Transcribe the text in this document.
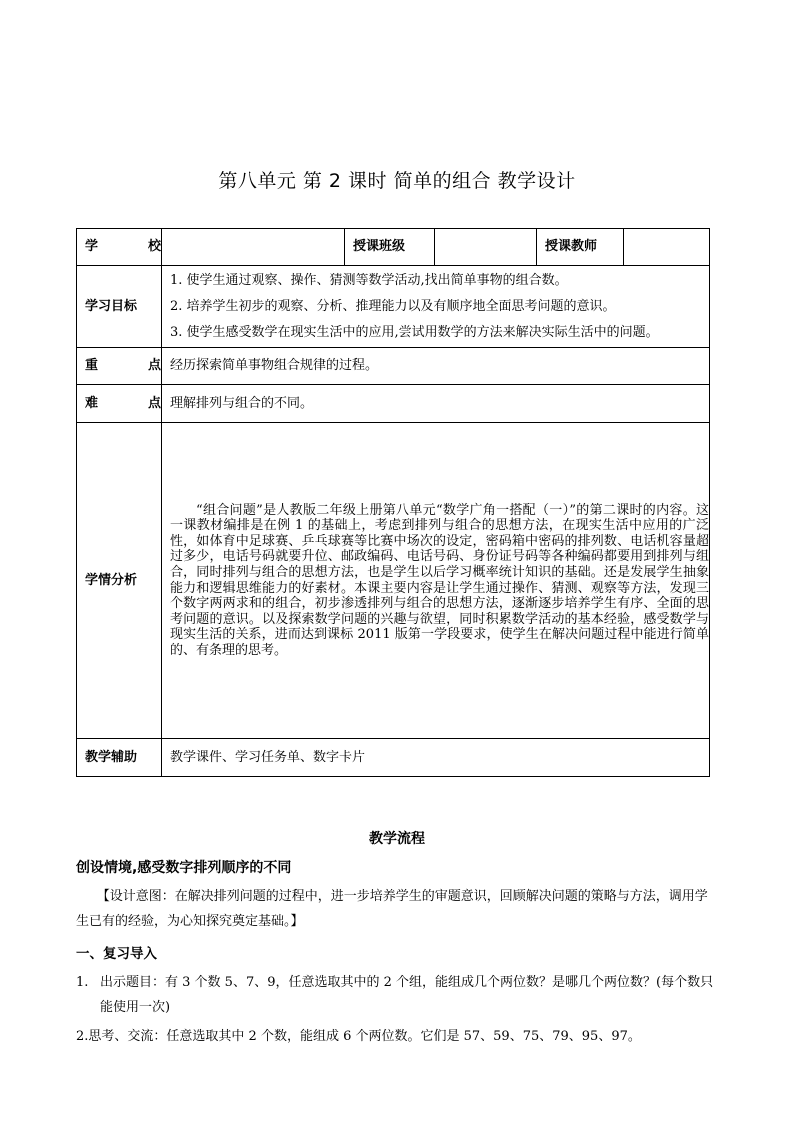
第八单元 第 2 课时 简单的组合 教学设计
学 校		授课班级		授课教师	
学习目标	1. 使学生通过观察、操作、猜测等数学活动,找出简单事物的组合数。
2. 培养学生初步的观察、分析、推理能力以及有顺序地全面思考问题的意识。
3. 使学生感受数学在现实生活中的应用,尝试用数学的方法来解决实际生活中的问题。				

重 点	经历探索简单事物组合规律的过程。				

难 点	理解排列与组合的不同。				
学情分析	“组合问题”是人教版二年级上册第八单元“数学广角一搭配（一）”的第二课时的内容。这一课教材编排是在例 1 的基础上，考虑到排列与组合的思想方法，在现实生活中应用的广泛性，如体育中足球赛、乒乓球赛等比赛中场次的设定，密码箱中密码的排列数、电话机容量超过多少，电话号码就要升位、邮政编码、电话号码、身份证号码等各种编码都要用到排列与组合，同时排列与组合的思想方法，也是学生以后学习概率统计知识的基础。还是发展学生抽象能力和逻辑思维能力的好素材。本课主要内容是让学生通过操作、猜测、观察等方法，发现三个数字两两求和的组合，初步渗透排列与组合的思想方法，逐渐逐步培养学生有序、全面的思考问题的意识。以及探索数学问题的兴趣与欲望，同时积累数学活动的基本经验，感受数学与现实生活的关系，进而达到课标 2011 版第一学段要求，使学生在解决问题过程中能进行简单的、有条理的思考。				

教学辅助	教学课件、学习任务单、数字卡片				
教学流程
创设情境,感受数字排列顺序的不同

【设计意图：在解决排列问题的过程中，进一步培养学生的审题意识，回顾解决问题的策略与方法，调用学生已有的经验，为心知探究奠定基础。】

一、复习导入
1. 出示题目：有 3 个数 5、7、9，任意选取其中的 2 个组，能组成几个两位数？是哪几个两位数？(每个数只能使用一次)
2.思考、交流：任意选取其中 2 个数，能组成 6 个两位数。它们是 57、59、75、79、95、97。
